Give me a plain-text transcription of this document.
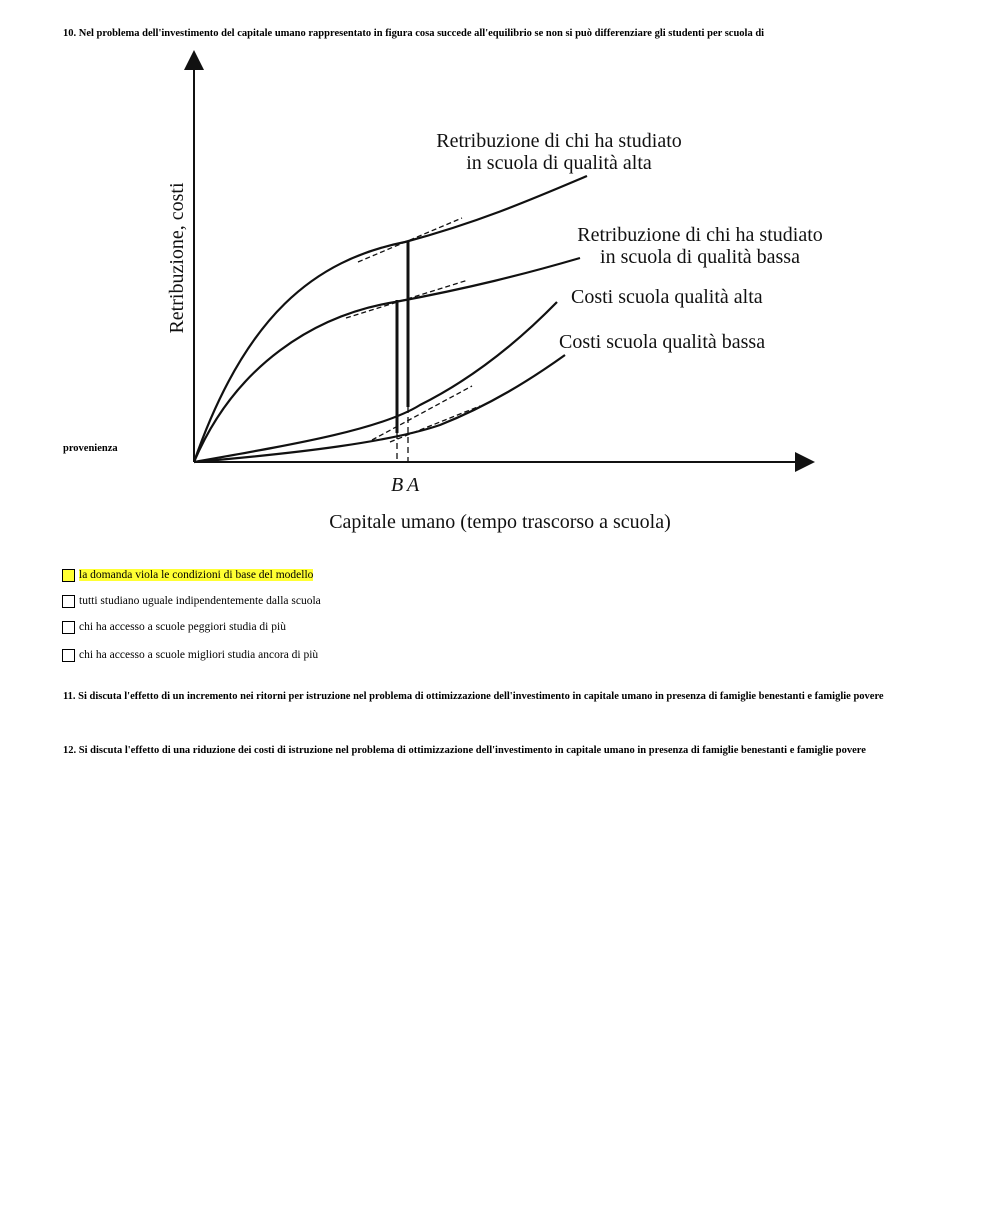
10. Nel problema dell'investimento del capitale umano rappresentato in figura cosa succede all'equilibrio se non si può differenziare gli studenti per scuola di
B A
Retribuzione, costi
Capitale umano (tempo trascorso a scuola)
Retribuzione di chi ha studiato
in scuola di qualità alta
Retribuzione di chi ha studiato
in scuola di qualità bassa
Costi scuola qualità alta
Costi scuola qualità bassa
provenienza
la domanda viola le condizioni di base del modello
tutti studiano uguale indipendentemente dalla scuola
chi ha accesso a scuole peggiori studia di più
chi ha accesso a scuole migliori studia ancora di più
11. Si discuta l'effetto di un incremento nei ritorni per istruzione nel problema di ottimizzazione dell'investimento in capitale umano in presenza di famiglie benestanti e famiglie povere
12. Si discuta l'effetto di una riduzione dei costi di istruzione nel problema di ottimizzazione dell'investimento in capitale umano in presenza di famiglie benestanti e famiglie povere
